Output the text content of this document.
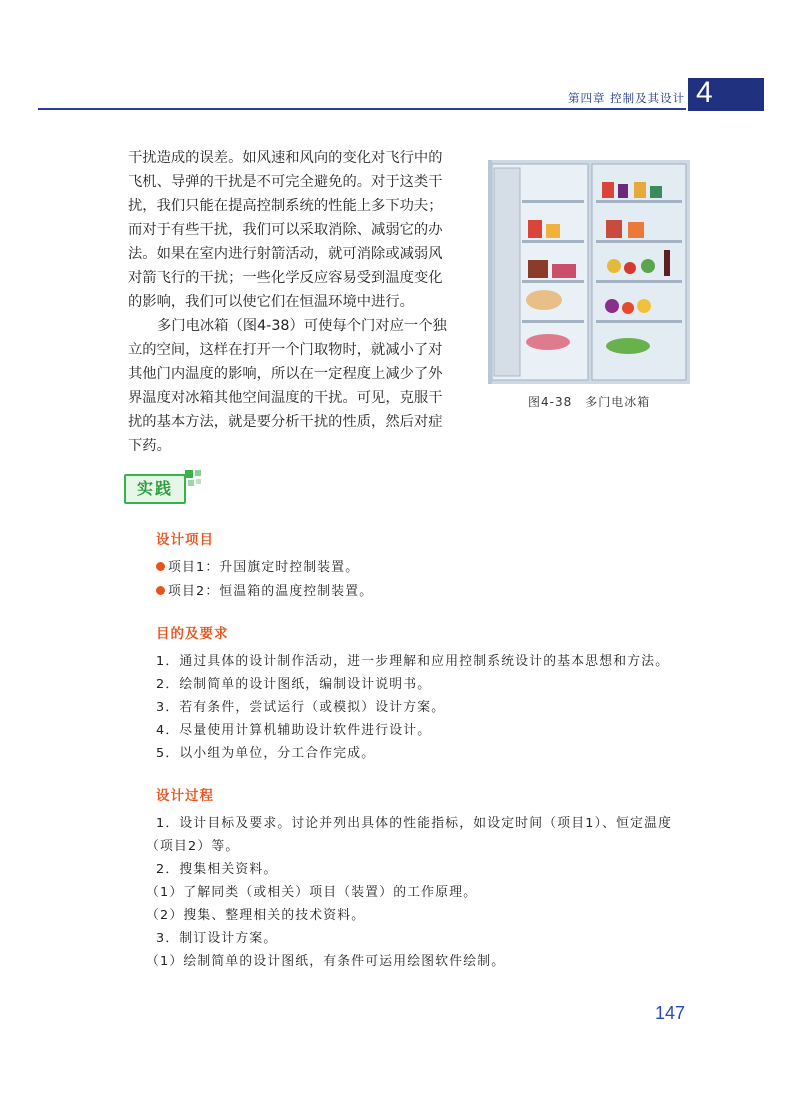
第四章 控制及其设计 4

干扰造成的误差。如风速和风向的变化对飞行中的

飞机、导弹的干扰是不可完全避免的。对于这类干

扰，我们只能在提高控制系统的性能上多下功夫；

而对于有些干扰，我们可以采取消除、减弱它的办

法。如果在室内进行射箭活动，就可消除或减弱风

对箭飞行的干扰；一些化学反应容易受到温度变化

的影响，我们可以使它们在恒温环境中进行。

多门电冰箱（图4-38）可使每个门对应一个独

立的空间，这样在打开一个门取物时，就减小了对

其他门内温度的影响，所以在一定程度上减少了外

界温度对冰箱其他空间温度的干扰。可见，克服干

扰的基本方法，就是要分析干扰的性质，然后对症

下药。

图4-38　多门电冰箱
实践
设计项目
项目1：升国旗定时控制装置。
项目2：恒温箱的温度控制装置。
目的及要求
1．通过具体的设计制作活动，进一步理解和应用控制系统设计的基本思想和方法。
2．绘制简单的设计图纸，编制设计说明书。
3．若有条件，尝试运行（或模拟）设计方案。
4．尽量使用计算机辅助设计软件进行设计。
5．以小组为单位，分工合作完成。
设计过程
1．设计目标及要求。讨论并列出具体的性能指标，如设定时间（项目1）、恒定温度
（项目2）等。
2．搜集相关资料。
（1）了解同类（或相关）项目（装置）的工作原理。
（2）搜集、整理相关的技术资料。
3．制订设计方案。
（1）绘制简单的设计图纸，有条件可运用绘图软件绘制。
147
